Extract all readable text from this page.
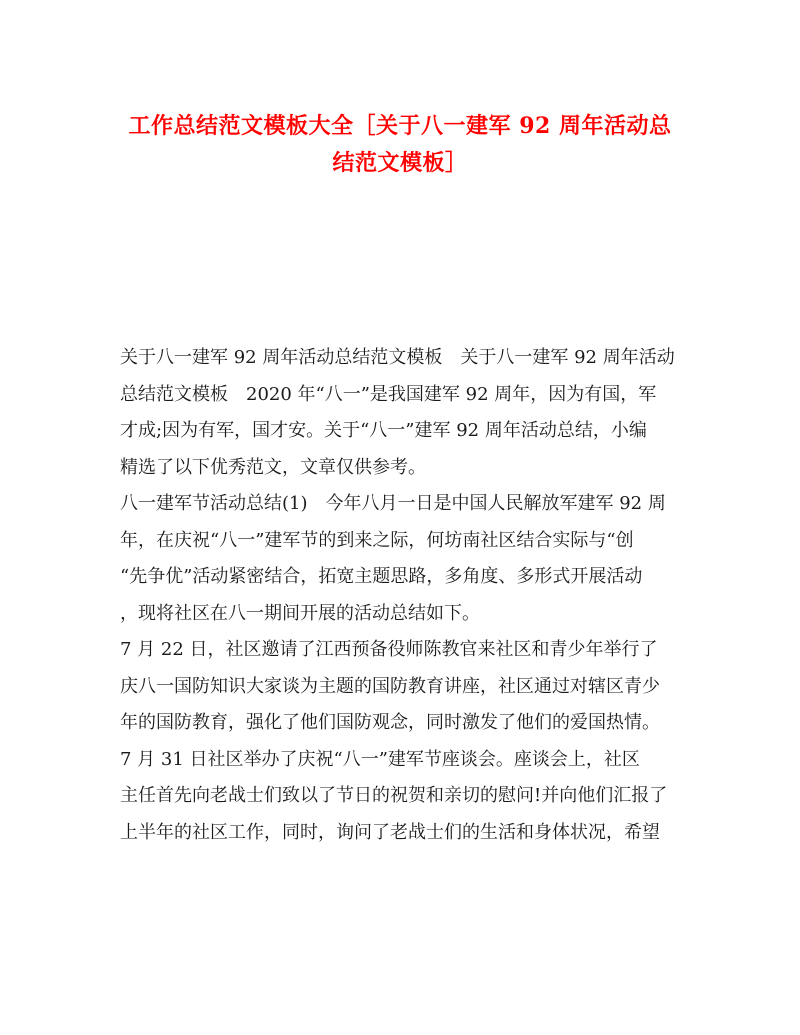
工作总结范文模板大全［关于八一建军 92 周年活动总
结范文模板］
关于八一建军 92 周年活动总结范文模板　关于八一建军 92 周年活动
总结范文模板　2020 年“八一”是我国建军 92 周年，因为有国，军
才成;因为有军，国才安。关于“八一”建军 92 周年活动总结，小编
精选了以下优秀范文，文章仅供参考。
八一建军节活动总结(1)　今年八月一日是中国人民解放军建军 92 周
年，在庆祝“八一”建军节的到来之际，何坊南社区结合实际与“创
“先争优”活动紧密结合，拓宽主题思路，多角度、多形式开展活动
，现将社区在八一期间开展的活动总结如下。
7 月 22 日，社区邀请了江西预备役师陈教官来社区和青少年举行了
庆八一国防知识大家谈为主题的国防教育讲座，社区通过对辖区青少
年的国防教育，强化了他们国防观念，同时激发了他们的爱国热情。
7 月 31 日社区举办了庆祝“八一”建军节座谈会。座谈会上，社区
主任首先向老战士们致以了节日的祝贺和亲切的慰问!并向他们汇报了
上半年的社区工作，同时，询问了老战士们的生活和身体状况，希望
